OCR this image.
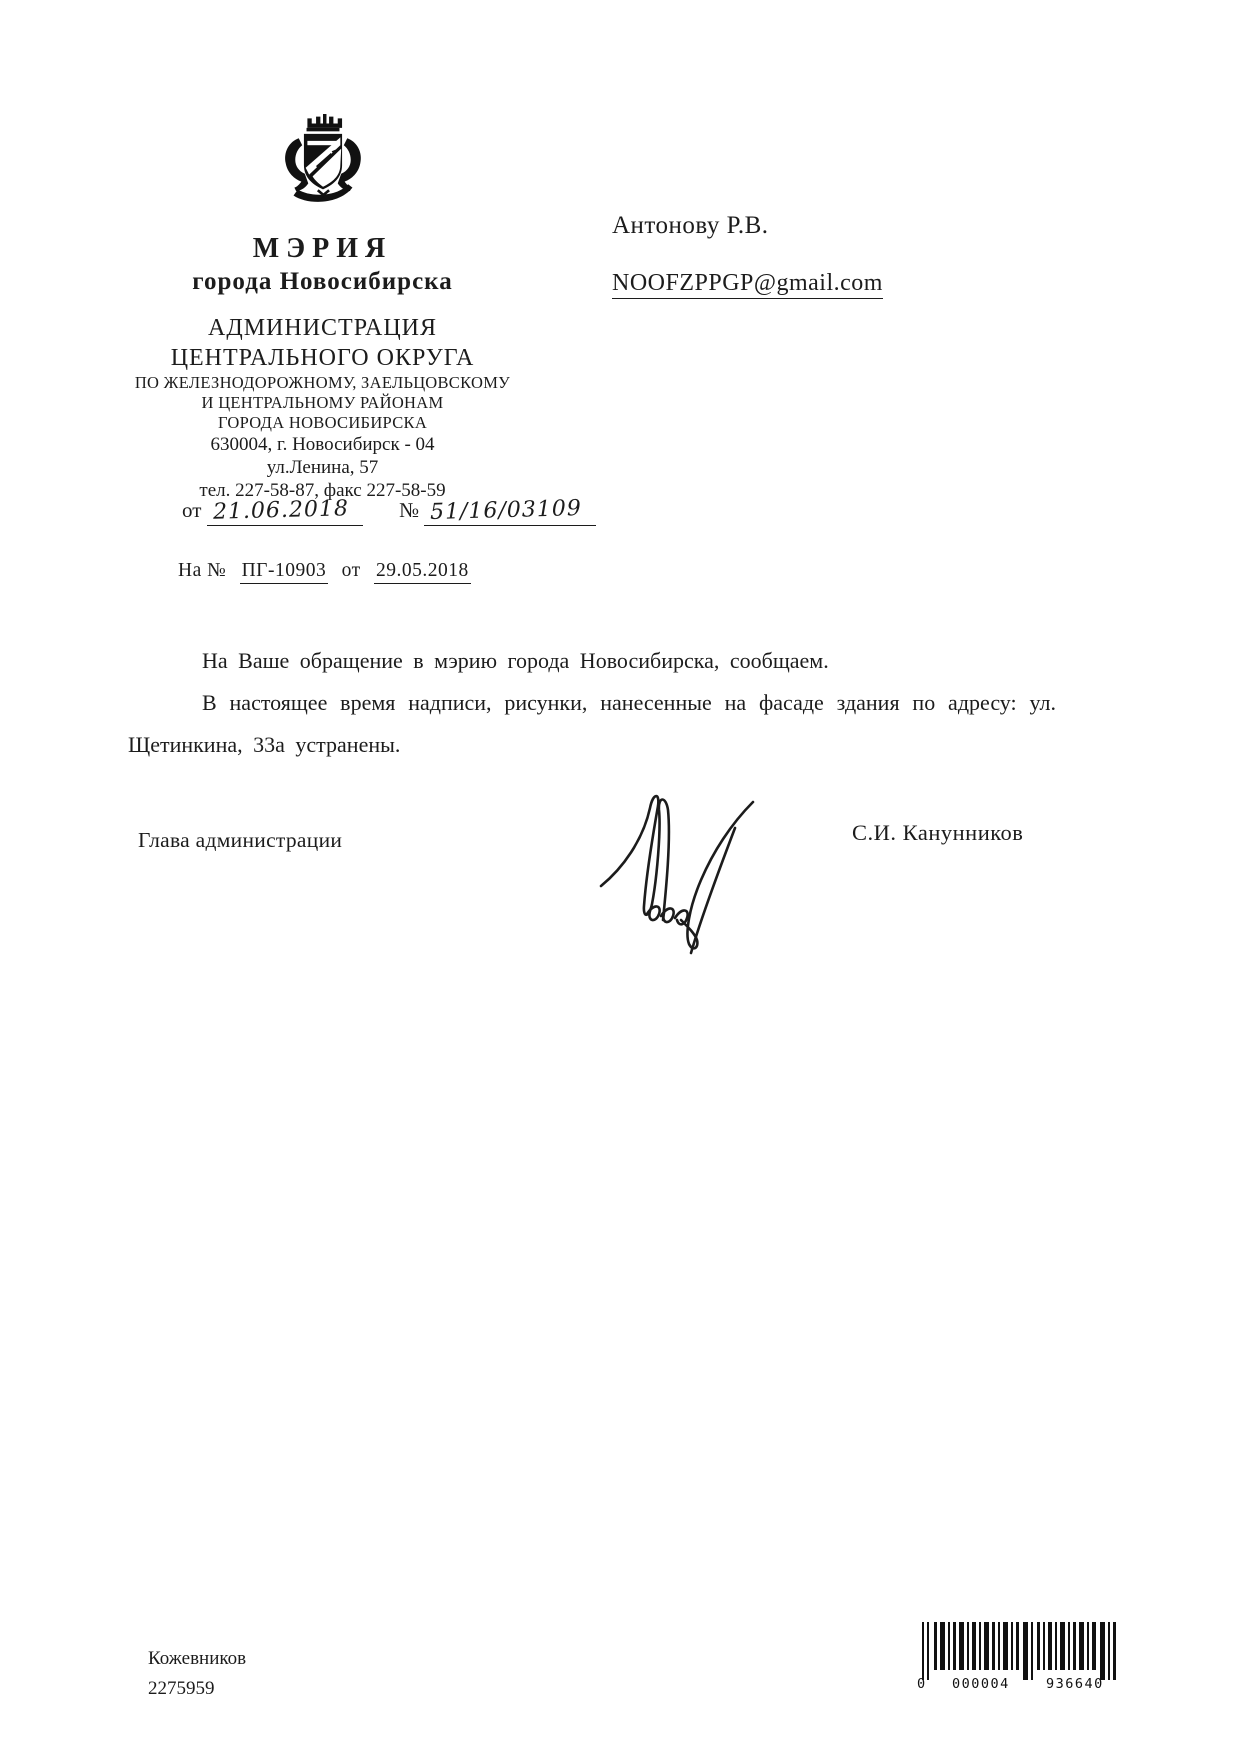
МЭРИЯ
города Новосибирска
АДМИНИСТРАЦИЯ
ЦЕНТРАЛЬНОГО ОКРУГА
ПО ЖЕЛЕЗНОДОРОЖНОМУ, ЗАЕЛЬЦОВСКОМУ
И ЦЕНТРАЛЬНОМУ РАЙОНАМ
ГОРОДА НОВОСИБИРСКА
630004, г. Новосибирск - 04
ул.Ленина, 57
тел. 227-58-87, факс 227-58-59
от 21.06.2018 № 51/16/03109
На № ПГ-10903 от 29.05.2018
Антонову Р.В.
NOOFZPPGP@gmail.com

На Ваше обращение в мэрию города Новосибирска, сообщаем.

В настоящее время надписи, рисунки, нанесенные на фасаде здания по адресу: ул. Щетинкина, 33а устранены.

Глава администрации	С.И. Канунников
Кожевников
2275959	0 000004	936640
